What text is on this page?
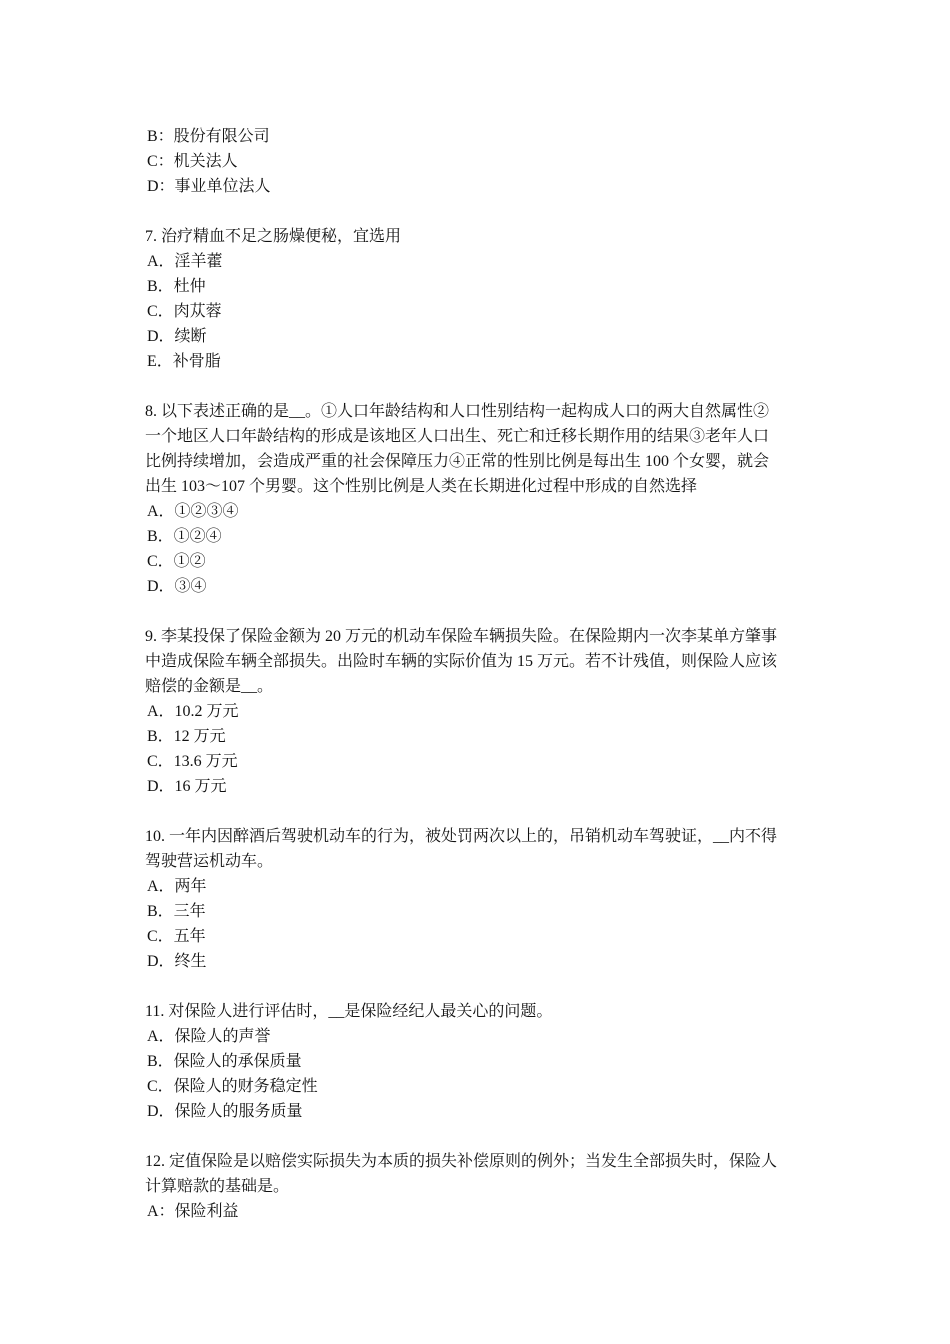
B：股份有限公司
C：机关法人
D：事业单位法人
7. 治疗精血不足之肠燥便秘，宜选用
A．淫羊藿
B．杜仲
C．肉苁蓉
D．续断
E．补骨脂
8. 以下表述正确的是__。①人口年龄结构和人口性别结构一起构成人口的两大自然属性②
一个地区人口年龄结构的形成是该地区人口出生、死亡和迁移长期作用的结果③老年人口
比例持续增加，会造成严重的社会保障压力④正常的性别比例是每出生 100 个女婴，就会
出生 103～107 个男婴。这个性别比例是人类在长期进化过程中形成的自然选择
A．①②③④
B．①②④
C．①②
D．③④
9. 李某投保了保险金额为 20 万元的机动车保险车辆损失险。在保险期内一次李某单方肇事
中造成保险车辆全部损失。出险时车辆的实际价值为 15 万元。若不计残值，则保险人应该
赔偿的金额是__。
A．10.2 万元
B．12 万元
C．13.6 万元
D．16 万元
10. 一年内因醉酒后驾驶机动车的行为，被处罚两次以上的，吊销机动车驾驶证，__内不得
驾驶营运机动车。
A．两年
B．三年
C．五年
D．终生
11. 对保险人进行评估时，__是保险经纪人最关心的问题。
A．保险人的声誉
B．保险人的承保质量
C．保险人的财务稳定性
D．保险人的服务质量
12. 定值保险是以赔偿实际损失为本质的损失补偿原则的例外；当发生全部损失时，保险人
计算赔款的基础是。
A：保险利益
